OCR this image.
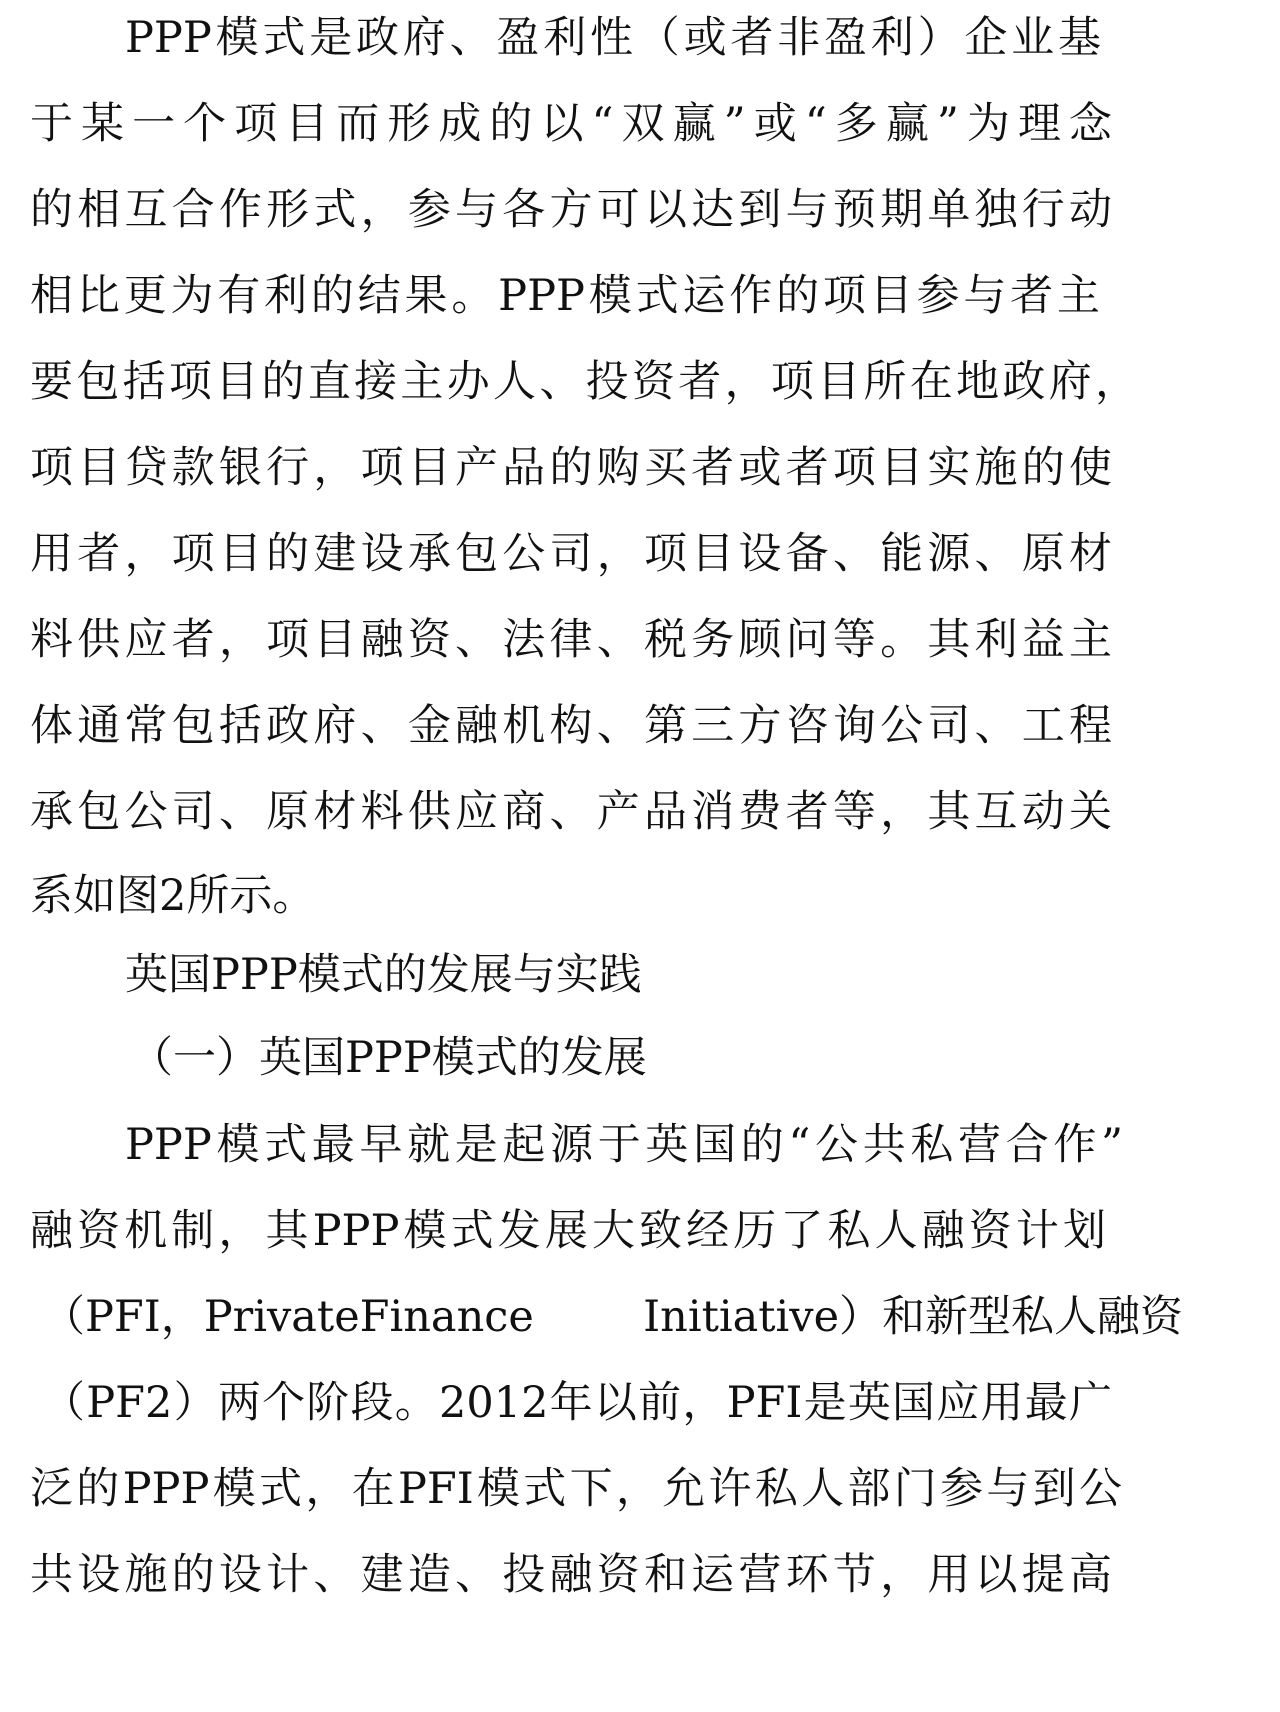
PPP模式是政府、盈利性（或者非盈利）企业基
于某一个项目而形成的以“双赢”或“多赢”为理念
的相互合作形式，参与各方可以达到与预期单独行动
相比更为有利的结果。PPP模式运作的项目参与者主
要包括项目的直接主办人、投资者，项目所在地政府，
项目贷款银行，项目产品的购买者或者项目实施的使
用者，项目的建设承包公司，项目设备、能源、原材
料供应者，项目融资、法律、税务顾问等。其利益主
体通常包括政府、金融机构、第三方咨询公司、工程
承包公司、原材料供应商、产品消费者等，其互动关
系如图2所示。
英国PPP模式的发展与实践
（一）英国PPP模式的发展
PPP模式最早就是起源于英国的“公共私营合作”
融资机制，其PPP模式发展大致经历了私人融资计划
（PFI，PrivateFinance        Initiative）和新型私人融资
（PF2）两个阶段。2012年以前，PFI是英国应用最广
泛的PPP模式，在PFI模式下，允许私人部门参与到公
共设施的设计、建造、投融资和运营环节，用以提高
